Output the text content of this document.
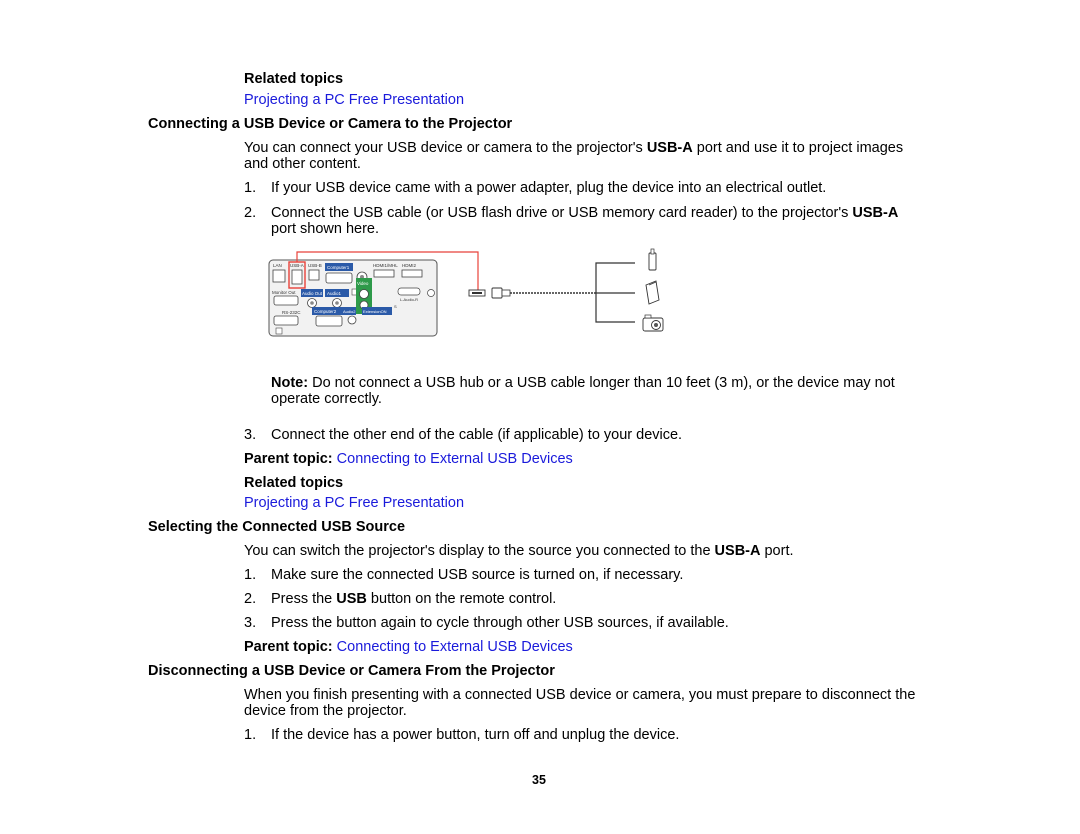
Related topics
Projecting a PC Free Presentation
Connecting a USB Device or Camera to the Projector
You can connect your USB device or camera to the projector's USB-A port and use it to project images
and other content.
1. If your USB device came with a power adapter, plug the device into an electrical outlet.
2. Connect the USB cable (or USB flash drive or USB memory card reader) to the projector's USB-A
port shown here.
LAN USB-A USB-B Computer1	HDMI1/MHL HDMI2
Monitor Out Audio Out Audio1
Video
L-Audio-R
RS-232C	Computer2 Audio2 ExtensionON
S
Note: Do not connect a USB hub or a USB cable longer than 10 feet (3 m), or the device may not
operate correctly.
3. Connect the other end of the cable (if applicable) to your device.
Parent topic: Connecting to External USB Devices
Related topics
Projecting a PC Free Presentation
Selecting the Connected USB Source
You can switch the projector's display to the source you connected to the USB-A port.
1. Make sure the connected USB source is turned on, if necessary.
2. Press the USB button on the remote control.
3. Press the button again to cycle through other USB sources, if available.
Parent topic: Connecting to External USB Devices
Disconnecting a USB Device or Camera From the Projector
When you finish presenting with a connected USB device or camera, you must prepare to disconnect the
device from the projector.
1. If the device has a power button, turn off and unplug the device.
35
